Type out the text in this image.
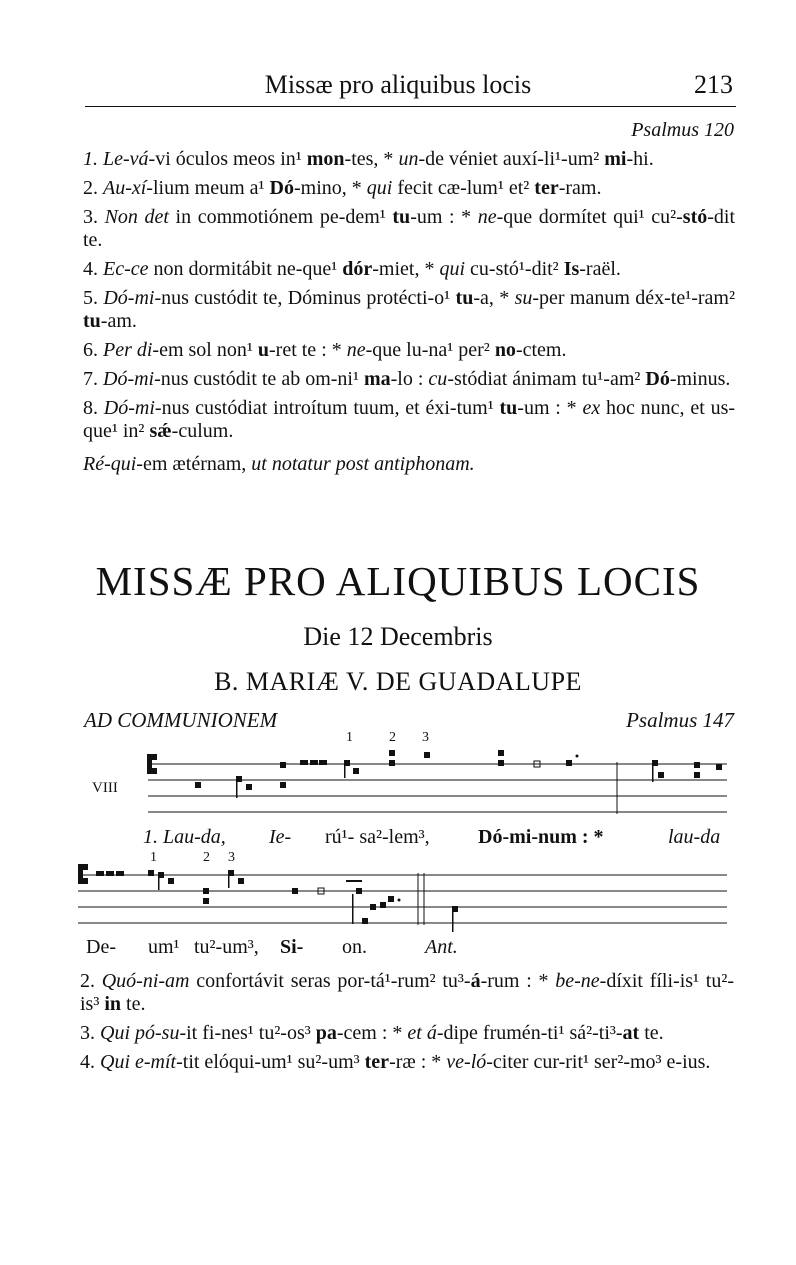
Missæ pro aliquibus locis	213
Psalmus 120

1. Le-vá-vi óculos meos in¹ mon-tes, * un-de véniet auxí-li¹-um² mi-hi.

2. Au-xí-lium meum a¹ Dó-mino, * qui fecit cæ-lum¹ et² ter-ram.

3. Non det in commotiónem pe-dem¹ tu-um : * ne-que dormítet qui¹ cu²-stó-dit te.

4. Ec-ce non dormitábit ne-que¹ dór-miet, * qui cu-stó¹-dit² Is-raël.

5. Dó-mi-nus custódit te, Dóminus protécti-o¹ tu-a, * su-per manum déx-te¹-ram² tu-am.

6. Per di-em sol non¹ u-ret te : * ne-que lu-na¹ per² no-ctem.

7. Dó-mi-nus custódit te ab om-ni¹ ma-lo : cu-stódiat ánimam tu¹-am² Dó-minus.

8. Dó-mi-nus custódiat introítum tuum, et éxi-tum¹ tu-um : * ex hoc nunc, et us-que¹ in² sǽ-culum.

Ré-qui-em ætérnam, ut notatur post antiphonam.

MISSÆ PRO ALIQUIBUS LOCIS
Die 12 Decembris
B. MARIÆ V. DE GUADALUPE
AD COMMUNIONEM	Psalmus 147
VIII
1	2 3
1. Lau-da, Ie- rú¹- sa²-lem³, Dó-mi-num : *	lau-da
1	2 3
De- um¹ tu²-um³, Si- on.	Ant.

2. Quó-ni-am confortávit seras por-tá¹-rum² tu³-á-rum : * be-ne-díxit fíli-is¹ tu²-is³ in te.

3. Qui pó-su-it fi-nes¹ tu²-os³ pa-cem : * et á-dipe frumén-ti¹ sá²-ti³-at te.

4. Qui e-mít-tit elóqui-um¹ su²-um³ ter-ræ : * ve-ló-citer cur-rit¹ ser²-mo³ e-ius.
